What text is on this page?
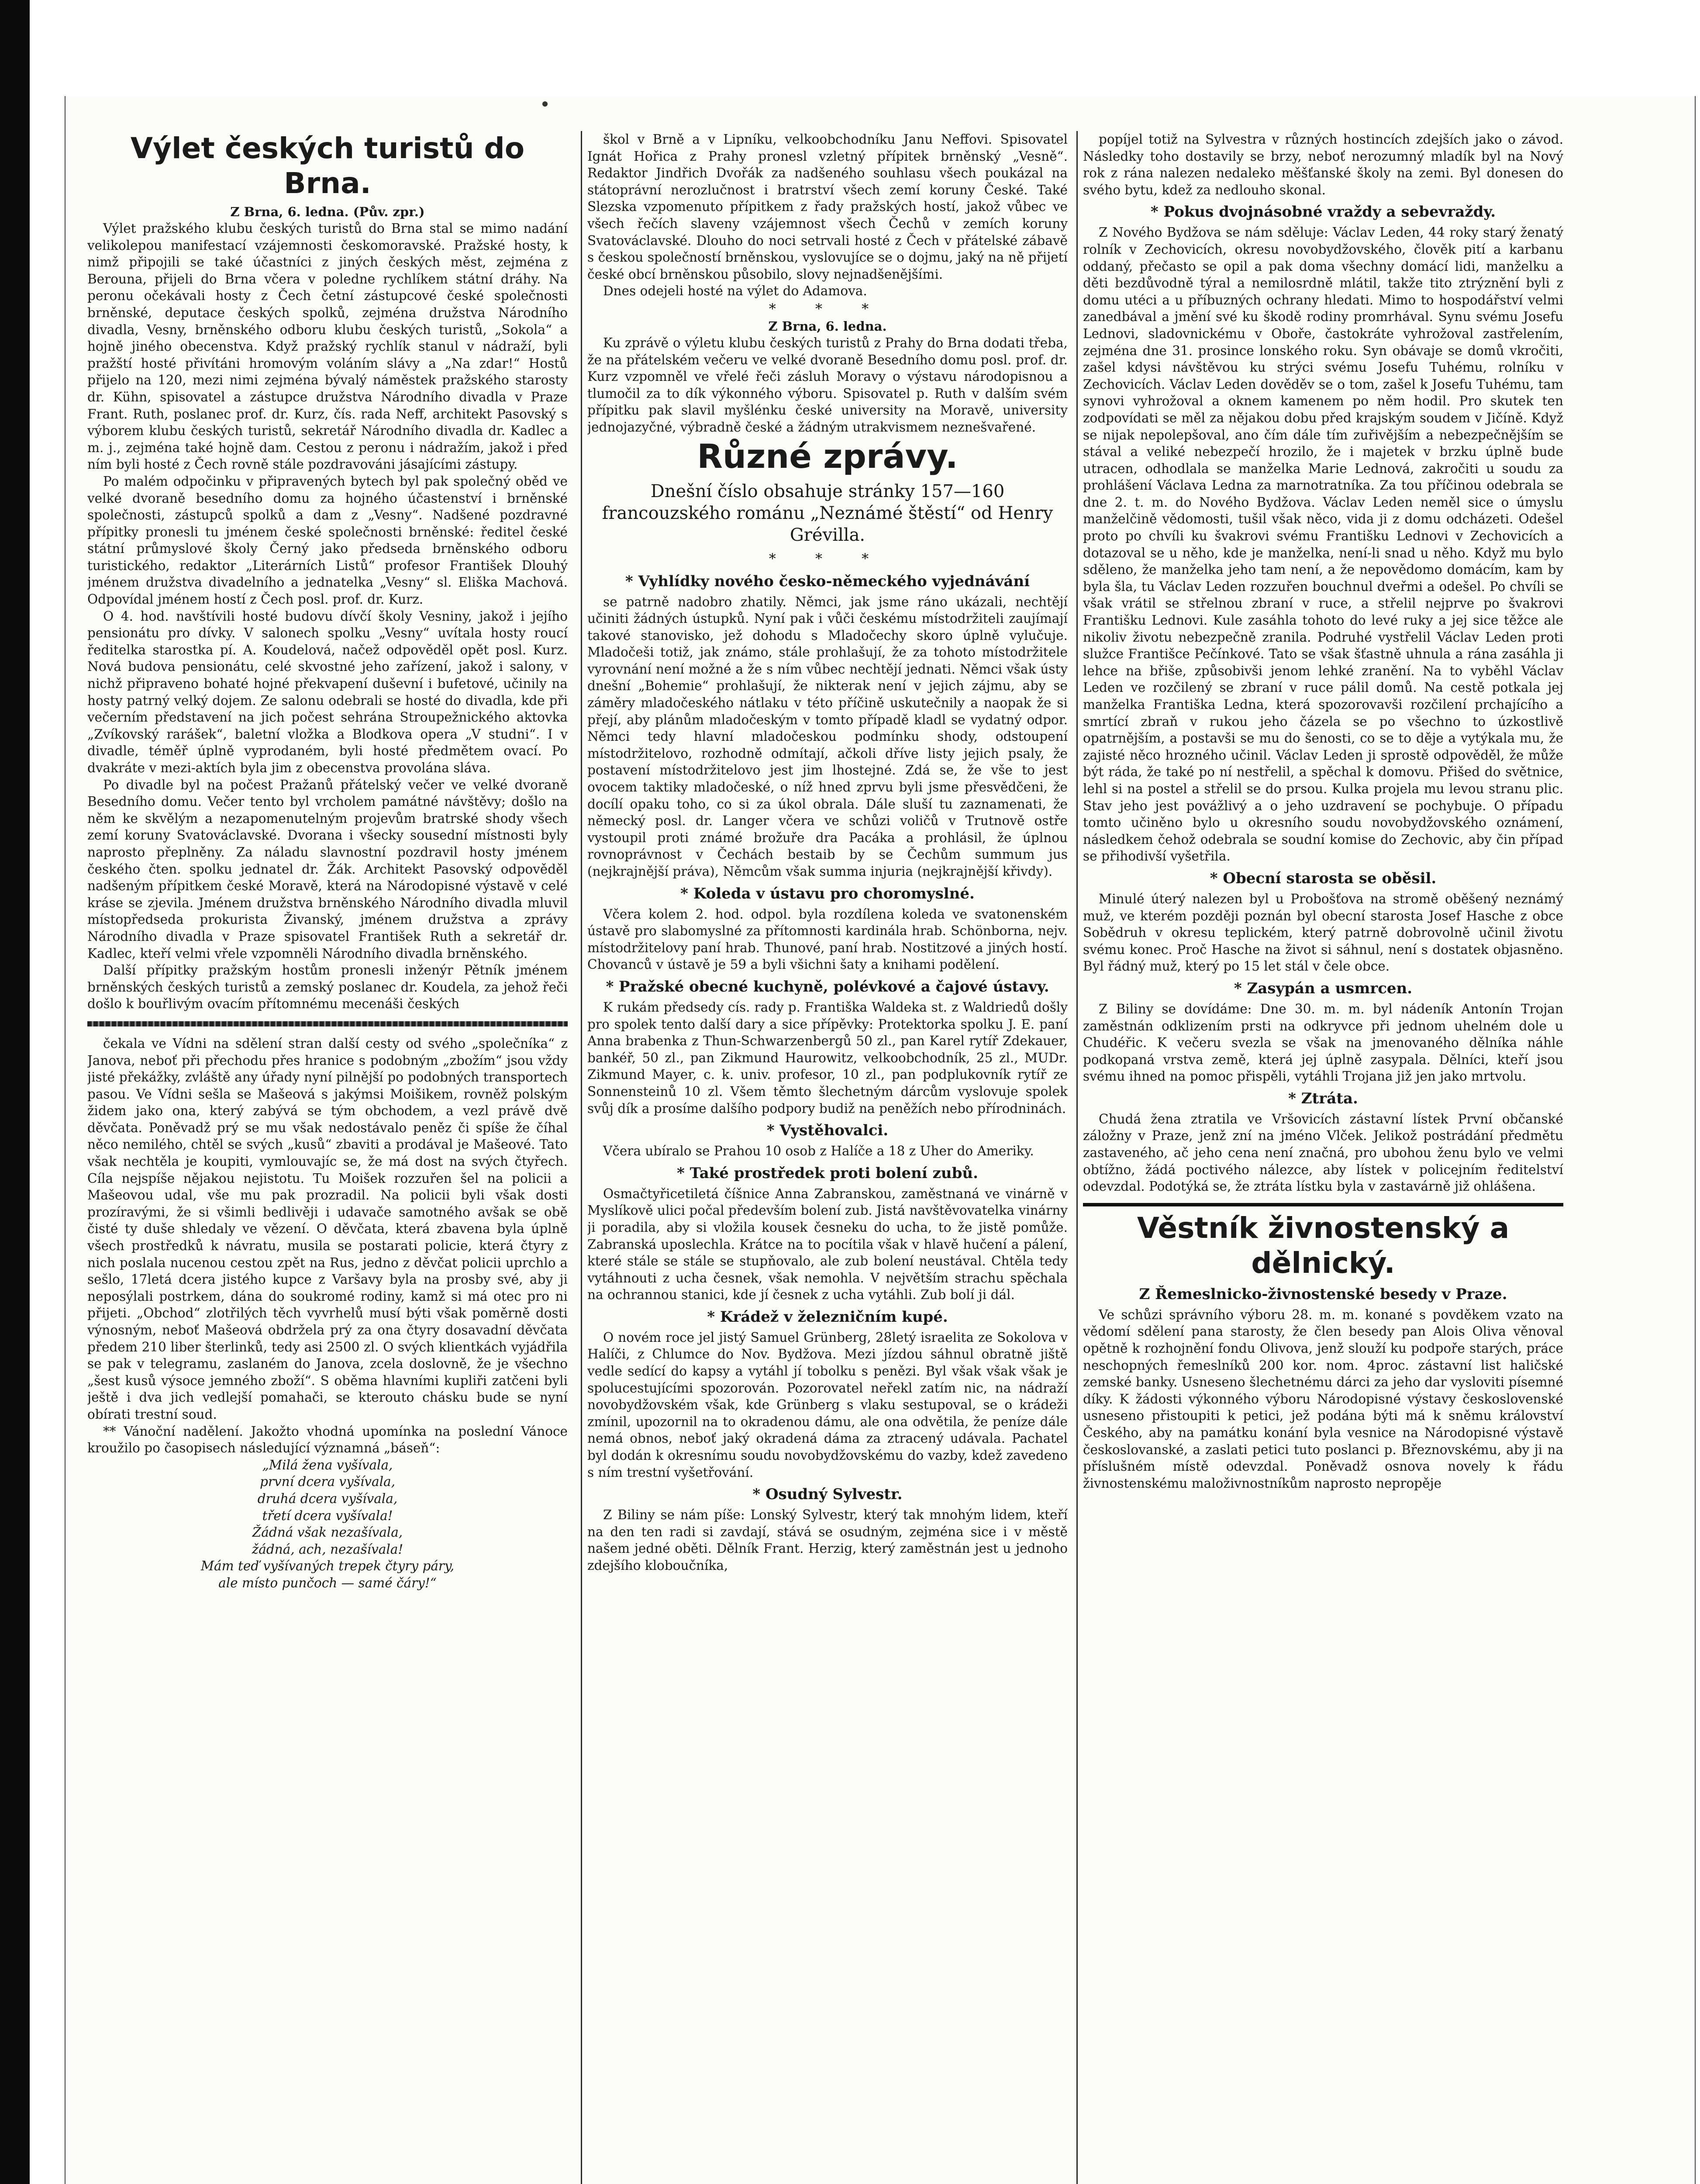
Výlet českých turistů do Brna.
Z Brna, 6. ledna. (Pův. zpr.)

Výlet pražského klubu českých turistů do Brna stal se mimo nadání velikolepou manifestací vzájemnosti českomoravské. Pražské hosty, k nimž připojili se také účastníci z jiných českých měst, zejména z Berouna, přijeli do Brna včera v poledne rychlíkem státní dráhy. Na peronu očekávali hosty z Čech četní zástupcové české společnosti brněnské, deputace českých spolků, zejména družstva Národního divadla, Vesny, brněnského odboru klubu českých turistů, „Sokola“ a hojně jiného obecenstva. Když pražský rychlík stanul v nádraží, byli pražští hosté přivítáni hromovým voláním slávy a „Na zdar!“ Hostů přijelo na 120, mezi nimi zejména bývalý náměstek pražského starosty dr. Kühn, spisovatel a zástupce družstva Národního divadla v Praze Frant. Ruth, poslanec prof. dr. Kurz, čís. rada Neff, architekt Pasovský s výborem klubu českých turistů, sekretář Národního divadla dr. Kadlec a m. j., zejména také hojně dam. Cestou z peronu i nádražím, jakož i před ním byli hosté z Čech rovně stále pozdravováni jásajícími zástupy.

Po malém odpočinku v připravených bytech byl pak společný oběd ve velké dvoraně besedního domu za hojného účastenství i brněnské společnosti, zástupců spolků a dam z „Vesny“. Nadšené pozdravné přípitky pronesli tu jménem české společnosti brněnské: ředitel české státní průmyslové školy Černý jako předseda brněnského odboru turistického, redaktor „Literárních Listů“ profesor František Dlouhý jménem družstva divadelního a jednatelka „Vesny“ sl. Eliška Machová. Odpovídal jménem hostí z Čech posl. prof. dr. Kurz.

O 4. hod. navštívili hosté budovu dívčí školy Vesniny, jakož i jejího pensionátu pro dívky. V salonech spolku „Vesny“ uvítala hosty roucí ředitelka starostka pí. A. Koudelová, načež odpověděl opět posl. Kurz. Nová budova pensionátu, celé skvostné jeho zařízení, jakož i salony, v nichž připraveno bohaté hojné překvapení duševní i bufetové, učinily na hosty patrný velký dojem. Ze salonu odebrali se hosté do divadla, kde při večerním představení na jich počest sehrána Stroupežnického aktovka „Zvíkovský rarášek“, baletní vložka a Blodkova opera „V studni“. I v divadle, téměř úplně vyprodaném, byli hosté předmětem ovací. Po dvakráte v mezi-aktích byla jim z obecenstva provolána sláva.

Po divadle byl na počest Pražanů přátelský večer ve velké dvoraně Besedního domu. Večer tento byl vrcholem památné návštěvy; došlo na něm ke skvělým a nezapomenutelným projevům bratrské shody všech zemí koruny Svatováclavské. Dvorana i všecky sousední místnosti byly naprosto přeplněny. Za náladu slavnostní pozdravil hosty jménem českého čten. spolku jednatel dr. Žák. Architekt Pasovský odpověděl nadšeným přípitkem české Moravě, která na Národopisné výstavě v celé kráse se zjevila. Jménem družstva brněnského Národního divadla mluvil místopředseda prokurista Živanský, jménem družstva a zprávy Národního divadla v Praze spisovatel František Ruth a sekretář dr. Kadlec, kteří velmi vřele vzpomněli Národního divadla brněnského.

Další přípitky pražským hostům pronesli inženýr Pětník jménem brněnských českých turistů a zemský poslanec dr. Koudela, za jehož řeči došlo k bouřlivým ovacím přítomnému mecenáši českých

čekala ve Vídni na sdělení stran další cesty od svého „společníka“ z Janova, neboť při přechodu přes hranice s podobným „zbožím“ jsou vždy jisté překážky, zvláště any úřady nyní pilnější po podobných transportech pasou. Ve Vídni sešla se Mašeová s jakýmsi Moišikem, rovněž polským židem jako ona, který zabývá se tým obchodem, a vezl právě dvě děvčata. Poněvadž prý se mu však nedostávalo peněz či spíše že číhal něco nemilého, chtěl se svých „kusů“ zbaviti a prodával je Mašeové. Tato však nechtěla je koupiti, vymlouvajíc se, že má dost na svých čtyřech. Cíla nejspíše nějakou nejistotu. Tu Moišek rozzuřen šel na policii a Mašeovou udal, vše mu pak prozradil. Na policii byli však dosti prozíravými, že si všimli bedlivěji i udavače samotného avšak se obě čisté ty duše shledaly ve vězení. O děvčata, která zbavena byla úplně všech prostředků k návratu, musila se postarati policie, která čtyry z nich poslala nucenou cestou zpět na Rus, jedno z děvčat policii uprchlo a sešlo, 17letá dcera jistého kupce z Varšavy byla na prosby své, aby ji neposýlali postrkem, dána do soukromé rodiny, kamž si má otec pro ni přijeti. „Obchod“ zlotřilých těch vyvrhelů musí býti však poměrně dosti výnosným, neboť Mašeová obdržela prý za ona čtyry dosavadní děvčata předem 210 liber šterlinků, tedy asi 2500 zl. O svých klientkách vyjádřila se pak v telegramu, zaslaném do Janova, zcela doslovně, že je všechno „šest kusů výsoce jemného zboží“. S oběma hlavními kupliři zatčeni byli ještě i dva jich vedlejší pomahači, se kterouto chásku bude se nyní obírati trestní soud.

** Vánoční nadělení. Jakožto vhodná upomínka na poslední Vánoce kroužilo po časopisech následující významná „báseň“:

„Milá žena vyšívala,
první dcera vyšívala,
druhá dcera vyšívala,
třetí dcera vyšívala!
Žádná však nezašívala,
žádná, ach, nezašívala!
Mám teď vyšívaných trepek čtyry páry,
ale místo punčoch — samé čáry!“

škol v Brně a v Lipníku, velkoobchodníku Janu Neffovi. Spisovatel Ignát Hořica z Prahy pronesl vzletný přípitek brněnský „Vesně“. Redaktor Jindřich Dvořák za nadšeného souhlasu všech poukázal na státoprávní nerozlučnost i bratrství všech zemí koruny České. Také Slezska vzpomenuto přípitkem z řady pražských hostí, jakož vůbec ve všech řečích slaveny vzájemnost všech Čechů v zemích koruny Svatováclavské. Dlouho do noci setrvali hosté z Čech v přátelské zábavě s českou společností brněnskou, vyslovujíce se o dojmu, jaký na ně přijetí české obcí brněnskou působilo, slovy nejnadšenějšími.

Dnes odejeli hosté na výlet do Adamova.

* * *
Z Brna, 6. ledna.

Ku zprávě o výletu klubu českých turistů z Prahy do Brna dodati třeba, že na přátelském večeru ve velké dvoraně Besedního domu posl. prof. dr. Kurz vzpomněl ve vřelé řeči zásluh Moravy o výstavu národopisnou a tlumočil za to dík výkonného výboru. Spisovatel p. Ruth v dalším svém přípitku pak slavil myšlénku české university na Moravě, university jednojazyčné, výbradně české a žádným utrakvismem neznešvařené.

Různé zprávy.
Dnešní číslo obsahuje stránky 157—160 francouzského románu „Neznámé štěstí“ od Henry Grévilla.
* * *
* Vyhlídky nového česko-německého vyjednávání

se patrně nadobro zhatily. Němci, jak jsme ráno ukázali, nechtějí učiniti žádných ústupků. Nyní pak i vůči českému místodržiteli zaujímají takové stanovisko, jež dohodu s Mladočechy skoro úplně vylučuje. Mladočeši totiž, jak známo, stále prohlašují, že za tohoto místodržitele vyrovnání není možné a že s ním vůbec nechtějí jednati. Němci však ústy dnešní „Bohemie“ prohlašují, že nikterak není v jejich zájmu, aby se záměry mladočeského nátlaku v této příčině uskutečnily a naopak že si přejí, aby plánům mladočeským v tomto případě kladl se vydatný odpor. Němci tedy hlavní mladočeskou podmínku shody, odstoupení místodržitelovo, rozhodně odmítají, ačkoli dříve listy jejich psaly, že postavení místodržitelovo jest jim lhostejné. Zdá se, že vše to jest ovocem taktiky mladočeské, o níž hned zprvu byli jsme přesvědčeni, že docílí opaku toho, co si za úkol obrala. Dále sluší tu zaznamenati, že německý posl. dr. Langer včera ve schůzi voličů v Trutnově ostře vystoupil proti známé brožuře dra Pacáka a prohlásil, že úplnou rovnoprávnost v Čechách bestaib by se Čechům summum jus (nejkrajnější práva), Němcům však summa injuria (nejkrajnější křivdy).

* Koleda v ústavu pro choromyslné.

Včera kolem 2. hod. odpol. byla rozdílena koleda ve svatonenském ústavě pro slabomyslné za přítomnosti kardinála hrab. Schönborna, nejv. místodržitelovy paní hrab. Thunové, paní hrab. Nostitzové a jiných hostí. Chovanců v ústavě je 59 a byli všichni šaty a knihami podělení.

* Pražské obecné kuchyně, polévkové a čajové ústavy.

K rukám předsedy cís. rady p. Františka Waldeka st. z Waldriedů došly pro spolek tento další dary a sice přípěvky: Protektorka spolku J. E. paní Anna brabenka z Thun-Schwarzenbergů 50 zl., pan Karel rytíř Zdekauer, bankéř, 50 zl., pan Zikmund Haurowitz, velkoobchodník, 25 zl., MUDr. Zikmund Mayer, c. k. univ. profesor, 10 zl., pan podplukovník rytíř ze Sonnensteinů 10 zl. Všem těmto šlechetným dárcům vyslovuje spolek svůj dík a prosíme dalšího podpory budiž na peněžích nebo přírodninách.

* Vystěhovalci.

Včera ubíralo se Prahou 10 osob z Halíče a 18 z Uher do Ameriky.

* Také prostředek proti bolení zubů.

Osmačtyřicetiletá číšnice Anna Zabranskou, zaměstnaná ve vinárně v Myslíkově ulici počal především bolení zub. Jistá navštěvovatelka vinárny ji poradila, aby si vložila kousek česneku do ucha, to že jistě pomůže. Zabranská uposlechla. Krátce na to pocítila však v hlavě hučení a pálení, které stále se stále se stupňovalo, ale zub bolení neustával. Chtěla tedy vytáhnouti z ucha česnek, však nemohla. V největším strachu spěchala na ochrannou stanici, kde jí česnek z ucha vytáhli. Zub bolí ji dál.

* Krádež v železničním kupé.

O novém roce jel jistý Samuel Grünberg, 28letý israelita ze Sokolova v Halíči, z Chlumce do Nov. Bydžova. Mezi jízdou sáhnul obratně jiště vedle sedící do kapsy a vytáhl jí tobolku s penězi. Byl však však však je spolucestujícími spozorován. Pozorovatel neřekl zatím nic, na nádraží novobydžovském však, kde Grünberg s vlaku sestupoval, se o krádeži zmínil, upozornil na to okradenou dámu, ale ona odvětila, že peníze dále nemá obnos, neboť jaký okradená dáma za ztracený udávala. Pachatel byl dodán k okresnímu soudu novobydžovskému do vazby, kdež zavedeno s ním trestní vyšetřování.

* Osudný Sylvestr.

Z Biliny se nám píše: Lonský Sylvestr, který tak mnohým lidem, kteří na den ten radi si zavdají, stává se osudným, zejména sice i v městě našem jedné oběti. Dělník Frant. Herzig, který zaměstnán jest u jednoho zdejšího kloboučníka,

popíjel totiž na Sylvestra v různých hostincích zdejších jako o závod. Následky toho dostavily se brzy, neboť nerozumný mladík byl na Nový rok z rána nalezen nedaleko měšťanské školy na zemi. Byl donesen do svého bytu, kdež za nedlouho skonal.

* Pokus dvojnásobné vraždy a sebevraždy.

Z Nového Bydžova se nám sděluje: Václav Leden, 44 roky starý ženatý rolník v Zechovicích, okresu novobydžovského, člověk pití a karbanu oddaný, přečasto se opil a pak doma všechny domácí lidi, manželku a děti bezdůvodně týral a nemilosrdně mlátil, takže tito ztrýznění byli z domu utéci a u příbuzných ochrany hledati. Mimo to hospodářství velmi zanedbával a jmění své ku škodě rodiny promrhával. Synu svému Josefu Lednovi, sladovnickému v Oboře, častokráte vyhrožoval zastřelením, zejména dne 31. prosince lonského roku. Syn obávaje se domů vkročiti, zašel kdysi návštěvou ku strýci svému Josefu Tuhému, rolníku v Zechovicích. Václav Leden dověděv se o tom, zašel k Josefu Tuhému, tam synovi vyhrožoval a oknem kamenem po něm hodil. Pro skutek ten zodpovídati se měl za nějakou dobu před krajským soudem v Jičíně. Když se nijak nepolepšoval, ano čím dále tím zuřivějším a nebezpečnějším se stával a veliké nebezpečí hrozilo, že i majetek v brzku úplně bude utracen, odhodlala se manželka Marie Lednová, zakročiti u soudu za prohlášení Václava Ledna za marnotratníka. Za tou příčinou odebrala se dne 2. t. m. do Nového Bydžova. Václav Leden neměl sice o úmyslu manželčině vědomosti, tušil však něco, vida ji z domu odcházeti. Odešel proto po chvíli ku švakrovi svému Františku Lednovi v Zechovicích a dotazoval se u něho, kde je manželka, není-li snad u něho. Když mu bylo sděleno, že manželka jeho tam není, a že nepovědomo domácím, kam by byla šla, tu Václav Leden rozzuřen bouchnul dveřmi a odešel. Po chvíli se však vrátil se střelnou zbraní v ruce, a střelil nejprve po švakrovi Františku Lednovi. Kule zasáhla tohoto do levé ruky a jej sice těžce ale nikoliv životu nebezpečně zranila. Podruhé vystřelil Václav Leden proti služce Františce Pečínkové. Tato se však šťastně uhnula a rána zasáhla ji lehce na břiše, způsobivši jenom lehké zranění. Na to vyběhl Václav Leden ve rozčilený se zbraní v ruce pálil domů. Na cestě potkala jej manželka Františka Ledna, která spozorovavši rozčilení prchajícího a smrtící zbraň v rukou jeho čázela se po všechno to úzkostlivě opatrnějším, a postavši se mu do šenosti, co se to děje a vytýkala mu, že zajisté něco hrozného učinil. Václav Leden ji sprostě odpověděl, že může být ráda, že také po ní nestřelil, a spěchal k domovu. Přišed do světnice, lehl si na postel a střelil se do prsou. Kulka projela mu levou stranu plic. Stav jeho jest povážlivý a o jeho uzdravení se pochybuje. O případu tomto učiněno bylo u okresního soudu novobydžovského oznámení, následkem čehož odebrala se soudní komise do Zechovic, aby čin případ se přihodivší vyšetřila.

* Obecní starosta se oběsil.

Minulé úterý nalezen byl u Probošťova na stromě oběšený neznámý muž, ve kterém později poznán byl obecní starosta Josef Hasche z obce Sobědruh v okresu teplickém, který patrně dobrovolně učinil životu svému konec. Proč Hasche na život si sáhnul, není s dostatek objasněno. Byl řádný muž, který po 15 let stál v čele obce.

* Zasypán a usmrcen.

Z Biliny se dovídáme: Dne 30. m. m. byl nádeník Antonín Trojan zaměstnán odklizením prsti na odkryvce při jednom uhelném dole u Chudéřic. K večeru svezla se však na jmenovaného dělníka náhle podkopaná vrstva země, která jej úplně zasypala. Dělníci, kteří jsou svému ihned na pomoc přispěli, vytáhli Trojana již jen jako mrtvolu.

* Ztráta.

Chudá žena ztratila ve Vršovicích zástavní lístek První občanské záložny v Praze, jenž zní na jméno Vlček. Jelikož postrádání předmětu zastaveného, ač jeho cena není značná, pro ubohou ženu bylo ve velmi obtížno, žádá poctivého nálezce, aby lístek v policejním ředitelství odevzdal. Podotýká se, že ztráta lístku byla v zastavárně již ohlášena.

Věstník živnostenský a dělnický.
Z Řemeslnicko-živnostenské besedy v Praze.

Ve schůzi správního výboru 28. m. m. konané s povděkem vzato na vědomí sdělení pana starosty, že člen besedy pan Alois Oliva věnoval opětně k rozhojnění fondu Olivova, jenž slouží ku podpoře starých, práce neschopných řemeslníků 200 kor. nom. 4proc. zástavní list haličské zemské banky. Usneseno šlechetnému dárci za jeho dar vysloviti písemné díky. K žádosti výkonného výboru Národopisné výstavy československé usneseno přistoupiti k petici, jež podána býti má k sněmu království Českého, aby na památku konání byla vesnice na Národopisné výstavě českoslovanské, a zaslati petici tuto poslanci p. Březnovskému, aby ji na příslušném místě odevzdal. Poněvadž osnova novely k řádu živnostenskému maloživnostníkům naprosto nepropěje
